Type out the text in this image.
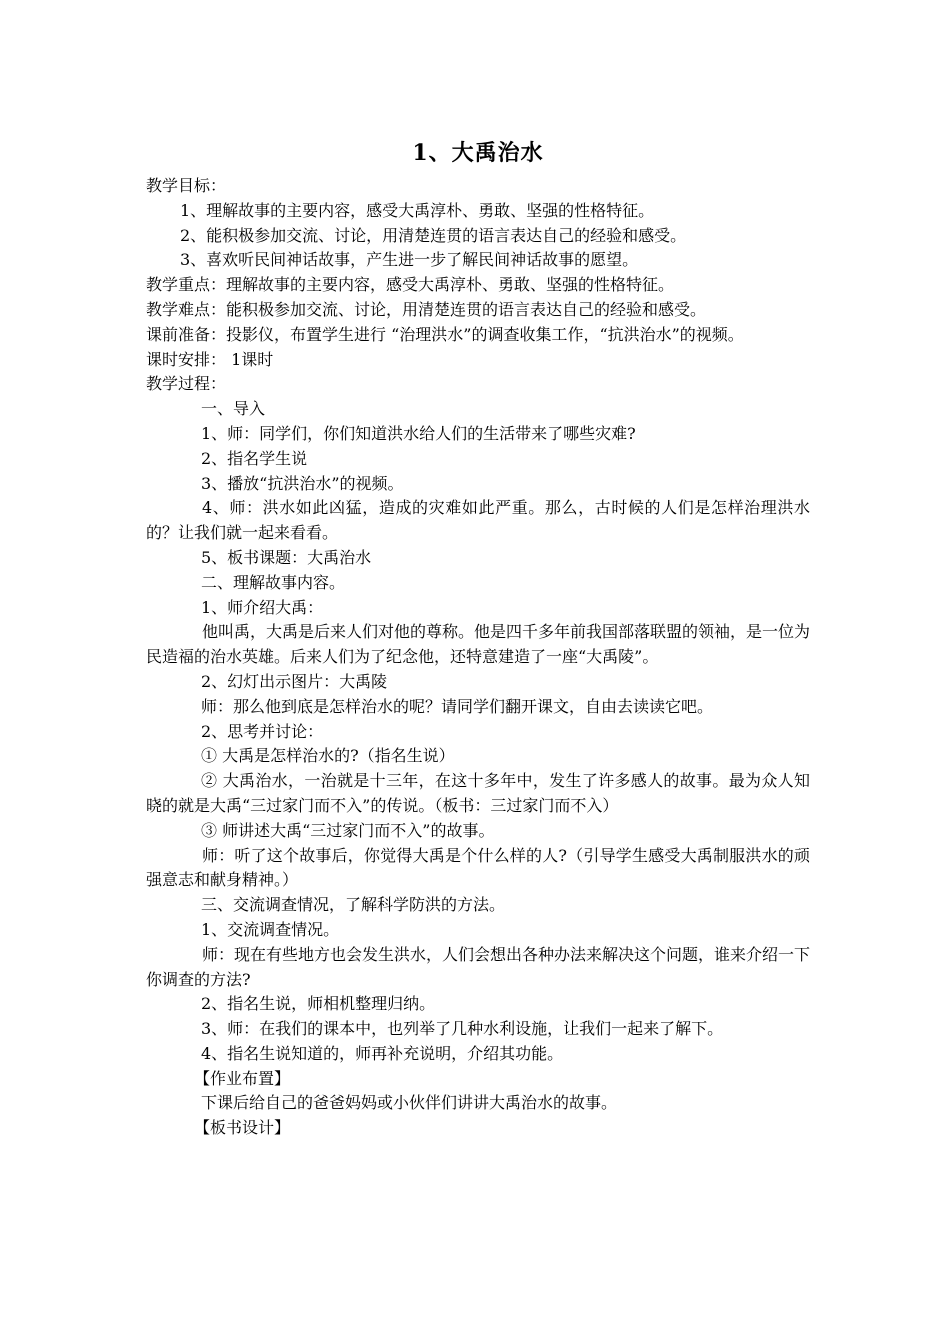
1、大禹治水

教学目标：

1、理解故事的主要内容，感受大禹淳朴、勇敢、坚强的性格特征。

2、能积极参加交流、讨论，用清楚连贯的语言表达自己的经验和感受。

3、喜欢听民间神话故事，产生进一步了解民间神话故事的愿望。

教学重点：理解故事的主要内容，感受大禹淳朴、勇敢、坚强的性格特征。

教学难点：能积极参加交流、讨论，用清楚连贯的语言表达自己的经验和感受。

课前准备：投影仪，布置学生进行 “治理洪水”的调查收集工作，“抗洪治水”的视频。

课时安排： 1课时

教学过程：

一、导入

1、师：同学们，你们知道洪水给人们的生活带来了哪些灾难?

2、指名学生说

3、播放“抗洪治水”的视频。

4、师：洪水如此凶猛，造成的灾难如此严重。那么，古时候的人们是怎样治理洪水的？让我们就一起来看看。

5、板书课题：大禹治水

二、理解故事内容。

1、师介绍大禹：

他叫禹，大禹是后来人们对他的尊称。他是四千多年前我国部落联盟的领袖，是一位为民造福的治水英雄。后来人们为了纪念他，还特意建造了一座“大禹陵”。

2、幻灯出示图片：大禹陵

师：那么他到底是怎样治水的呢？请同学们翻开课文，自由去读读它吧。

2、思考并讨论：

① 大禹是怎样治水的?（指名生说）

② 大禹治水，一治就是十三年，在这十多年中，发生了许多感人的故事。最为众人知晓的就是大禹“三过家门而不入”的传说。（板书：三过家门而不入）

③ 师讲述大禹“三过家门而不入”的故事。

师：听了这个故事后，你觉得大禹是个什么样的人?（引导学生感受大禹制服洪水的顽强意志和献身精神。）

三、交流调查情况，了解科学防洪的方法。

1、交流调查情况。

师：现在有些地方也会发生洪水，人们会想出各种办法来解决这个问题，谁来介绍一下你调查的方法?

2、指名生说，师相机整理归纳。

3、师：在我们的课本中，也列举了几种水利设施，让我们一起来了解下。

4、指名生说知道的，师再补充说明，介绍其功能。

【作业布置】

下课后给自己的爸爸妈妈或小伙伴们讲讲大禹治水的故事。

【板书设计】
